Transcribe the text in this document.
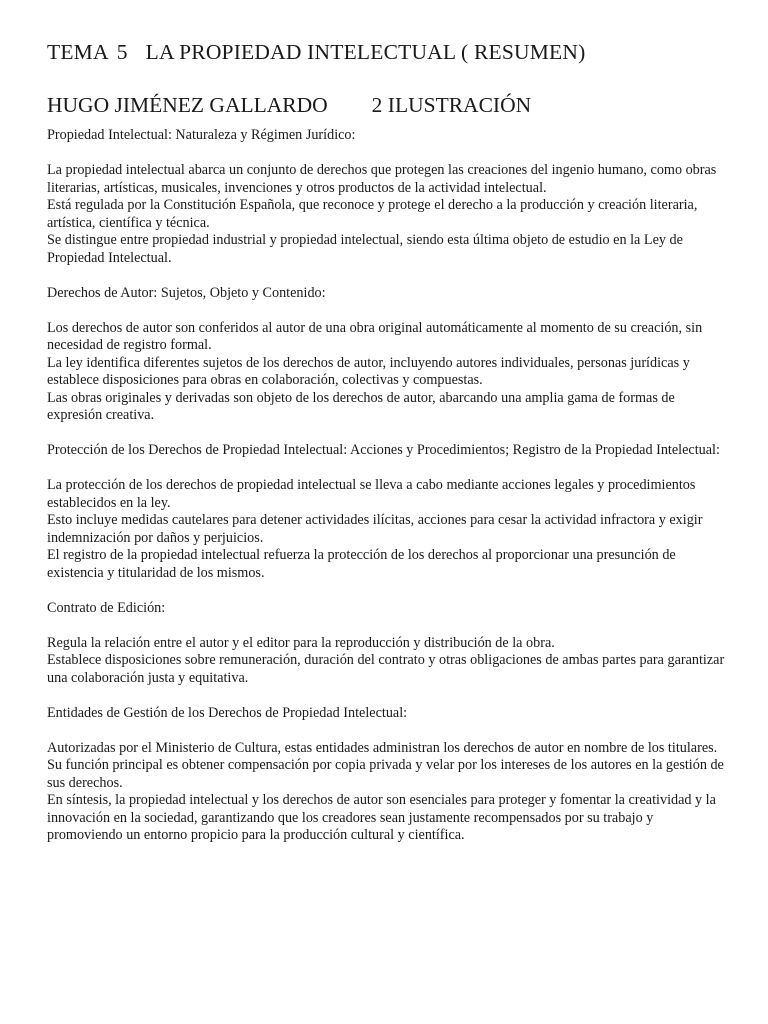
TEMA 5 LA PROPIEDAD INTELECTUAL ( RESUMEN)
HUGO JIMÉNEZ GALLARDO 2 ILUSTRACIÓN

Propiedad Intelectual: Naturaleza y Régimen Jurídico:

La propiedad intelectual abarca un conjunto de derechos que protegen las creaciones del ingenio humano, como obras literarias, artísticas, musicales, invenciones y otros productos de la actividad intelectual.

Está regulada por la Constitución Española, que reconoce y protege el derecho a la producción y creación literaria, artística, científica y técnica.

Se distingue entre propiedad industrial y propiedad intelectual, siendo esta última objeto de estudio en la Ley de Propiedad Intelectual.

Derechos de Autor: Sujetos, Objeto y Contenido:

Los derechos de autor son conferidos al autor de una obra original automáticamente al momento de su creación, sin necesidad de registro formal.

La ley identifica diferentes sujetos de los derechos de autor, incluyendo autores individuales, personas jurídicas y establece disposiciones para obras en colaboración, colectivas y compuestas.

Las obras originales y derivadas son objeto de los derechos de autor, abarcando una amplia gama de formas de expresión creativa.

Protección de los Derechos de Propiedad Intelectual: Acciones y Procedimientos; Registro de la Propiedad Intelectual:

La protección de los derechos de propiedad intelectual se lleva a cabo mediante acciones legales y procedimientos establecidos en la ley.

Esto incluye medidas cautelares para detener actividades ilícitas, acciones para cesar la actividad infractora y exigir indemnización por daños y perjuicios.

El registro de la propiedad intelectual refuerza la protección de los derechos al proporcionar una presunción de existencia y titularidad de los mismos.

Contrato de Edición:

Regula la relación entre el autor y el editor para la reproducción y distribución de la obra.

Establece disposiciones sobre remuneración, duración del contrato y otras obligaciones de ambas partes para garantizar una colaboración justa y equitativa.

Entidades de Gestión de los Derechos de Propiedad Intelectual:

Autorizadas por el Ministerio de Cultura, estas entidades administran los derechos de autor en nombre de los titulares.

Su función principal es obtener compensación por copia privada y velar por los intereses de los autores en la gestión de sus derechos.

En síntesis, la propiedad intelectual y los derechos de autor son esenciales para proteger y fomentar la creatividad y la innovación en la sociedad, garantizando que los creadores sean justamente recompensados por su trabajo y promoviendo un entorno propicio para la producción cultural y científica.
